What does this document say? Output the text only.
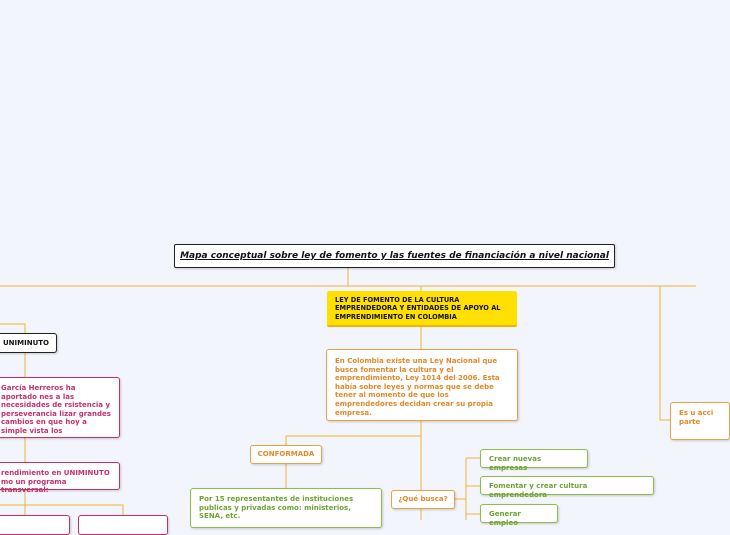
Mapa conceptual sobre ley de fomento y las fuentes de financiación a nivel nacional
LEY DE FOMENTO DE LA CULTURA EMPRENDEDORA Y ENTIDADES DE APOYO AL EMPRENDIMIENTO EN COLOMBIA
En Colombia existe una Ley Nacional que busca fomentar la cultura y el emprendimiento, Ley 1014 del 2006. Esta había sobre leyes y normas que se debe tener al momento de que los emprendedores decidan crear su propia empresa.
CONFORMADA
Por 15 representantes de instituciones publicas y privadas como: ministerios, SENA, etc.
¿Qué busca?
Crear nuevas empresas
Fomentar y crear cultura emprendedora
Generar empleo
UNIMINUTO
García Herreros ha aportado nes a las necesidades de rsistencia y perseverancia lizar grandes cambios en que hoy a simple vista los
rendimiento en UNIMINUTO mo un programa transversal:
Es u acci parte
